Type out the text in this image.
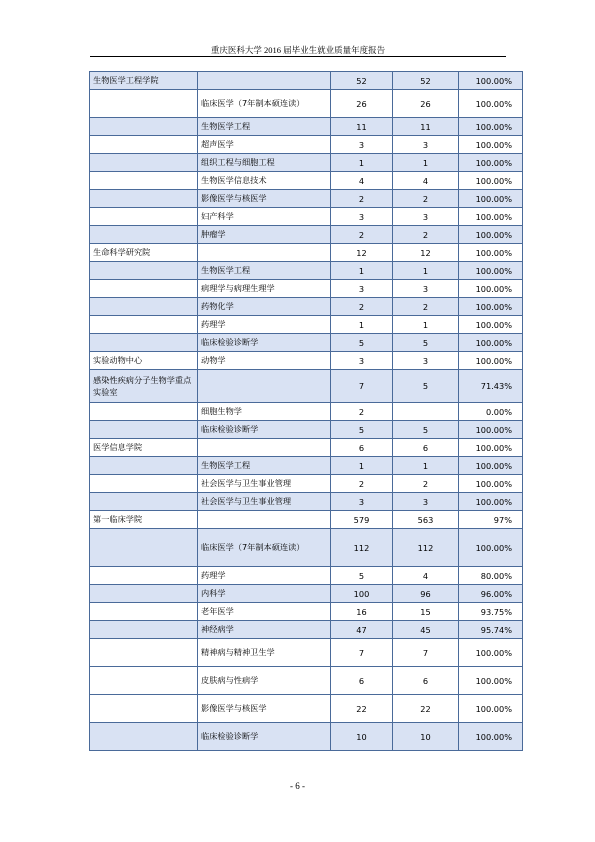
重庆医科大学 2016 届毕业生就业质量年度报告
生物医学工程学院		52	52	100.00%
	临床医学（7年制本硕连读）	26	26	100.00%
	生物医学工程	11	11	100.00%
	超声医学	3	3	100.00%
	组织工程与细胞工程	1	1	100.00%
	生物医学信息技术	4	4	100.00%
	影像医学与核医学	2	2	100.00%
	妇产科学	3	3	100.00%
	肿瘤学	2	2	100.00%
生命科学研究院		12	12	100.00%
	生物医学工程	1	1	100.00%
	病理学与病理生理学	3	3	100.00%
	药物化学	2	2	100.00%
	药理学	1	1	100.00%
	临床检验诊断学	5	5	100.00%
实验动物中心	动物学	3	3	100.00%
感染性疾病分子生物学重点实验室		7	5	71.43%
	细胞生物学	2		0.00%
	临床检验诊断学	5	5	100.00%
医学信息学院		6	6	100.00%
	生物医学工程	1	1	100.00%
	社会医学与卫生事业管理	2	2	100.00%
	社会医学与卫生事业管理	3	3	100.00%
第一临床学院		579	563	97%
	临床医学（7年制本硕连读）	112	112	100.00%
	药理学	5	4	80.00%
	内科学	100	96	96.00%
	老年医学	16	15	93.75%
	神经病学	47	45	95.74%
	精神病与精神卫生学	7	7	100.00%
	皮肤病与性病学	6	6	100.00%
	影像医学与核医学	22	22	100.00%
	临床检验诊断学	10	10	100.00%
- 6 -
